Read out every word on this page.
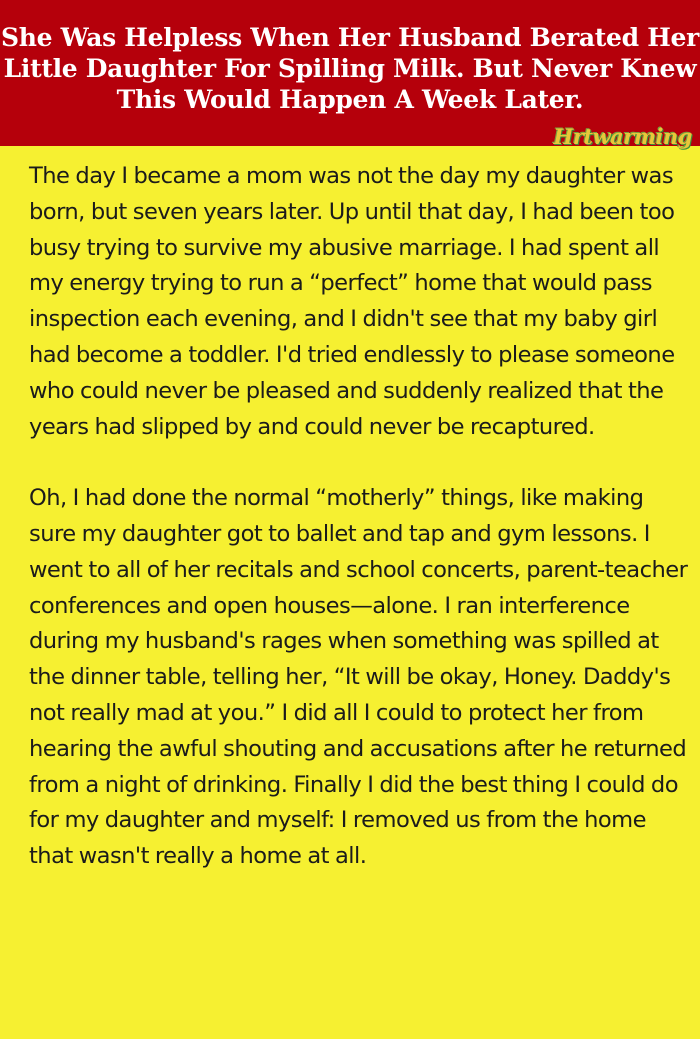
She Was Helpless When Her Husband Berated Her Little Daughter For Spilling Milk. But Never Knew This Would Happen A Week Later.
Hrtwarming

The day I became a mom was not the day my daughter was born, but seven years later. Up until that day, I had been too busy trying to survive my abusive marriage. I had spent all my energy trying to run a “perfect” home that would pass inspection each evening, and I didn't see that my baby girl had become a toddler. I'd tried endlessly to please someone who could never be pleased and suddenly realized that the years had slipped by and could never be recaptured.

Oh, I had done the normal “motherly” things, like making sure my daughter got to ballet and tap and gym lessons. I went to all of her recitals and school concerts, parent-teacher conferences and open houses—alone. I ran interference during my husband's rages when something was spilled at the dinner table, telling her, “It will be okay, Honey. Daddy's not really mad at you.” I did all I could to protect her from hearing the awful shouting and accusations after he returned from a night of drinking. Finally I did the best thing I could do for my daughter and myself: I removed us from the home that wasn't really a home at all.
